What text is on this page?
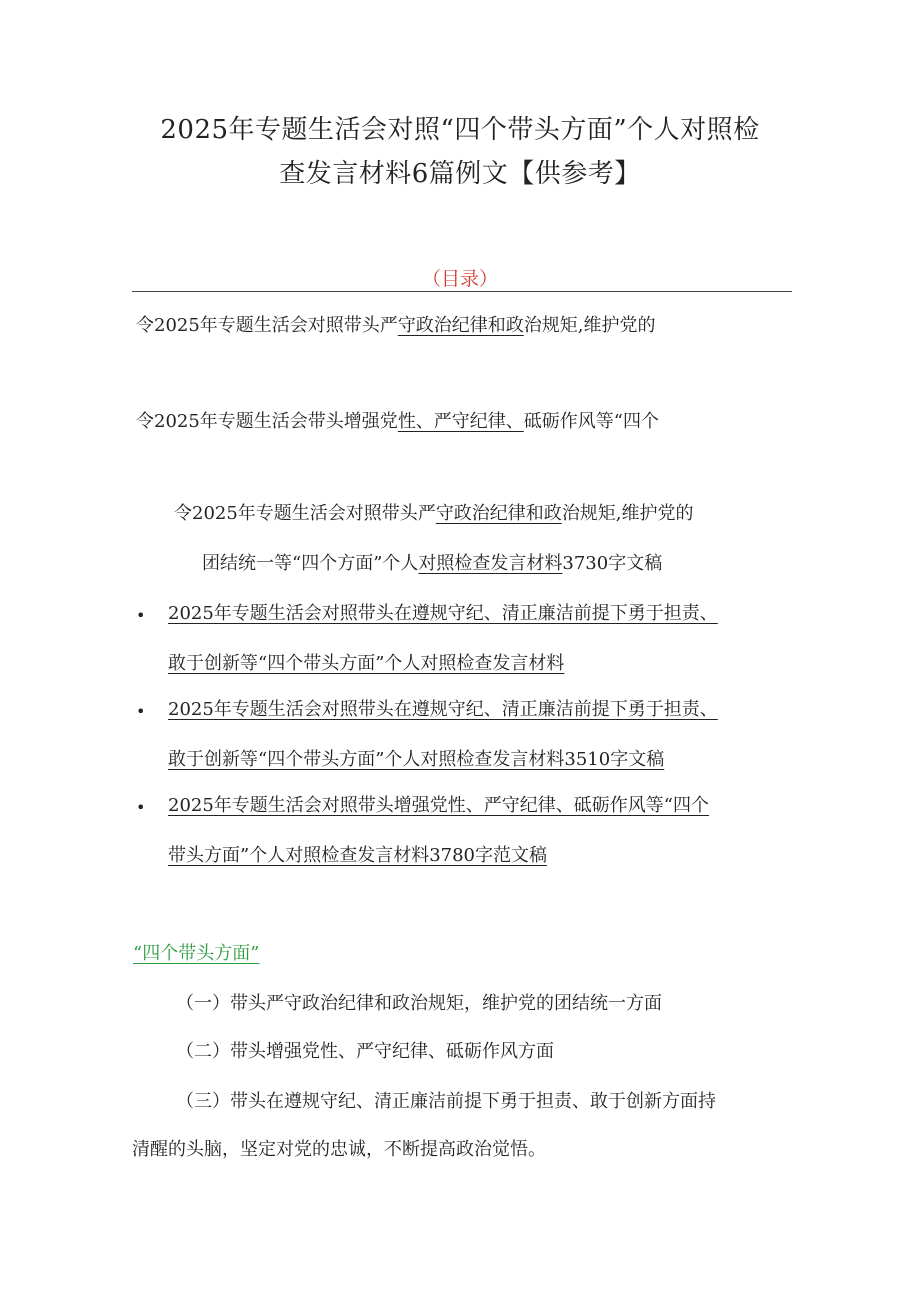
2025年专题生活会对照“四个带头方面”个人对照检
查发言材料6篇例文【供参考】
（目录）
令2025年专题生活会对照带头严守政治纪律和政治规矩,维护党的
令2025年专题生活会带头增强党性、严守纪律、砥砺作风等“四个
令2025年专题生活会对照带头严守政治纪律和政治规矩,维护党的
团结统一等“四个方面”个人对照检查发言材料3730字文稿
• 2025年专题生活会对照带头在遵规守纪、清正廉洁前提下勇于担责、
敢于创新等“四个带头方面”个人对照检查发言材料
• 2025年专题生活会对照带头在遵规守纪、清正廉洁前提下勇于担责、
敢于创新等“四个带头方面”个人对照检查发言材料3510字文稿
• 2025年专题生活会对照带头增强党性、严守纪律、砥砺作风等“四个
带头方面”个人对照检查发言材料3780字范文稿
“四个带头方面”
（一）带头严守政治纪律和政治规矩，维护党的团结统一方面
（二）带头增强党性、严守纪律、砥砺作风方面
（三）带头在遵规守纪、清正廉洁前提下勇于担责、敢于创新方面持
清醒的头脑，坚定对党的忠诚，不断提高政治觉悟。
